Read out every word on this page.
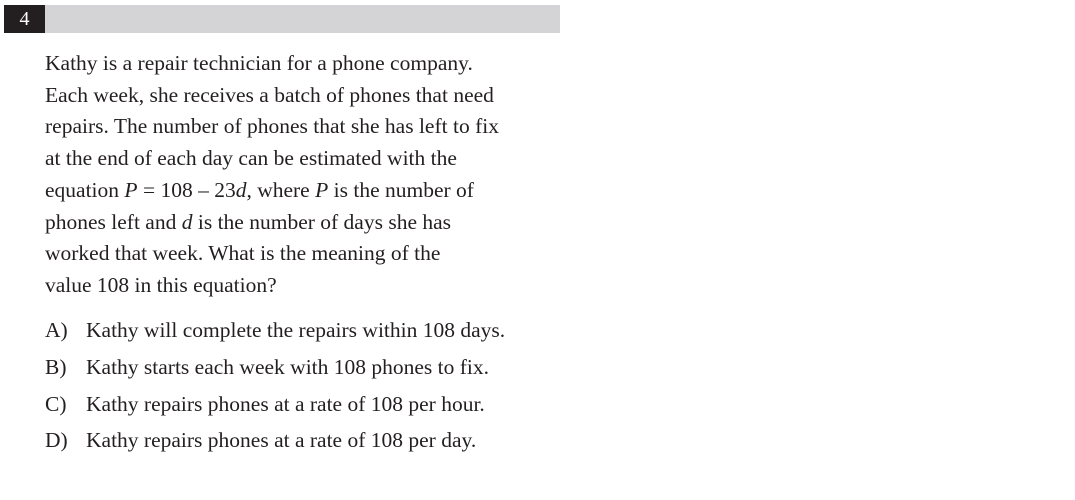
4
Kathy is a repair technician for a phone company.
Each week, she receives a batch of phones that need
repairs. The number of phones that she has left to fix
at the end of each day can be estimated with the
equation P = 108 – 23d, where P is the number of
phones left and d is the number of days she has
worked that week. What is the meaning of the
value 108 in this equation?
A) Kathy will complete the repairs within 108 days.
B) Kathy starts each week with 108 phones to fix.
C) Kathy repairs phones at a rate of 108 per hour.
D) Kathy repairs phones at a rate of 108 per day.
